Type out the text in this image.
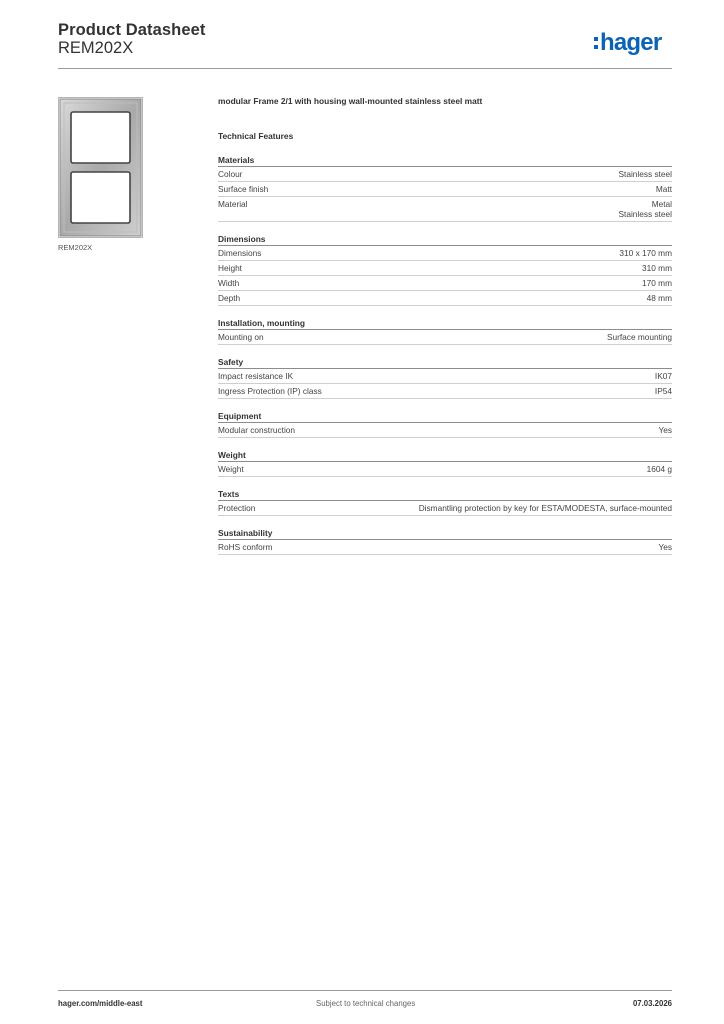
Product Datasheet
REM202X	hager
REM202X
modular Frame 2/1 with housing wall-mounted stainless steel matt
Technical Features
Materials
Colour	Stainless steel
Surface finish	Matt
Material	Metal
Stainless steel
Dimensions
Dimensions	310 x 170 mm
Height	310 mm
Width	170 mm
Depth	48 mm
Installation, mounting
Mounting on	Surface mounting
Safety
Impact resistance IK	IK07
Ingress Protection (IP) class	IP54
Equipment
Modular construction	Yes
Weight
Weight	1604 g
Texts
Protection	Dismantling protection by key for ESTA/MODESTA, surface-mounted
Sustainability
RoHS conform	Yes
hager.com/middle-east	Subject to technical changes	07.03.2026
